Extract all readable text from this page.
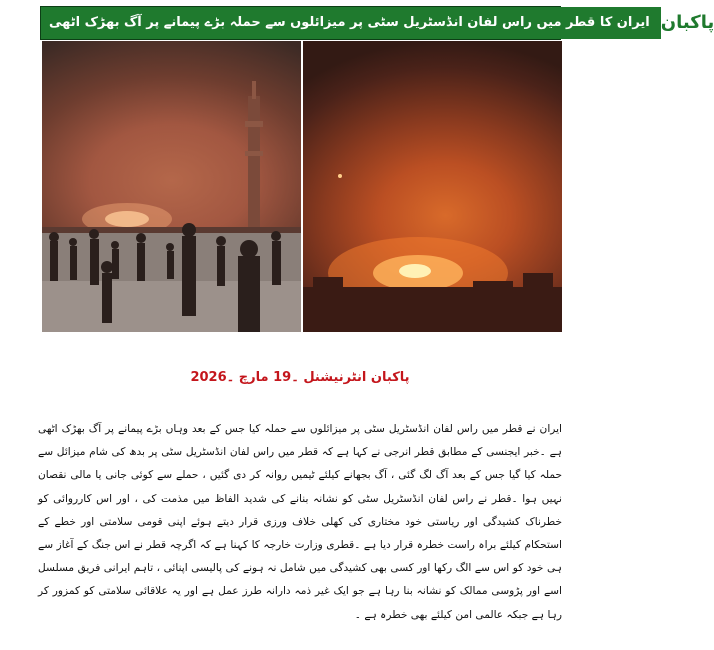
ایران کا قطر میں راس لفان انڈسٹریل سٹی پر میزائلوں سے حملہ بڑے پیمانے پر آگ بھڑک اٹھی پاکبان
پاکبان انٹرنیشنل ۔19 مارچ ۔2026
ایران نے قطر میں راس لفان انڈسٹریل سٹی پر میزائلوں سے حملہ کیا جس کے بعد وہاں بڑے پیمانے پر آگ بھڑک اٹھی ہے ۔خبر ایجنسی کے مطابق قطر انرجی نے کہا ہے کہ قطر میں راس لفان انڈسٹریل سٹی پر بدھ کی شام میزائل سے حملہ کیا گیا جس کے بعد آگ لگ گئی ، آگ بجھانے کیلئے ٹیمیں روانہ کر دی گئیں ، حملے سے کوئی جانی یا مالی نقصان نہیں ہوا ۔قطر نے راس لفان انڈسٹریل سٹی کو نشانہ بنانے کی شدید الفاظ میں مذمت کی ، اور اس کارروائی کو خطرناک کشیدگی اور ریاستی خود مختاری کی کھلی خلاف ورزی قرار دیتے ہوئے اپنی قومی سلامتی اور خطے کے استحکام کیلئے براہ راست خطرہ قرار دیا ہے ۔قطری وزارت خارجہ کا کہنا ہے کہ اگرچہ قطر نے اس جنگ کے آغاز سے ہی خود کو اس سے الگ رکھا اور کسی بھی کشیدگی میں شامل نہ ہونے کی پالیسی اپنائی ، تاہم ایرانی فریق مسلسل اسے اور پڑوسی ممالک کو نشانہ بنا رہا ہے جو ایک غیر ذمہ دارانہ طرز عمل ہے اور یہ علاقائی سلامتی کو کمزور کر رہا ہے جبکہ عالمی امن کیلئے بھی خطرہ ہے ۔
